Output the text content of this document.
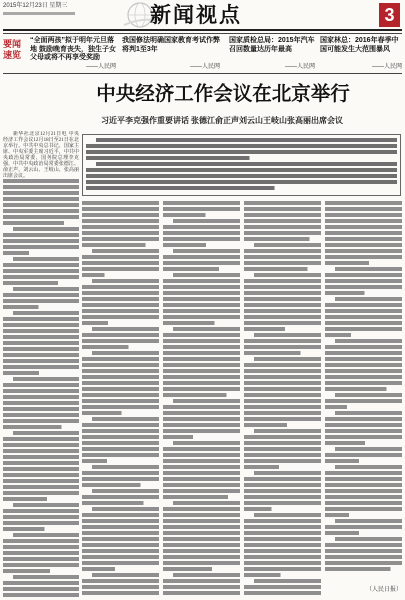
2015年12月23日 星期三	新闻视点	3
要闻
速览
“全面两孩”拟于明年元旦落地 鼓励晚育丧失，独生子女父母或将不再享受奖励
——人民网
我国修法明确国家教育考试作弊将判1至3年
——人民网
国家质检总局：2015年汽车召回数量达历年最高
——人民网
国家林总：2016年春季中国可能发生大范围暴风
——人民网
中央经济工作会议在北京举行
习近平李克强作重要讲话 张德江俞正声刘云山王岐山张高丽出席会议

新华社北京12月21日电 中央经济工作会议12月18日至21日在北京举行。中共中央总书记、国家主席、中央军委主席习近平，中共中央政治局常委、国务院总理李克强，中共中央政治局常委张德江、俞正声、刘云山、王岐山、张高丽出席会议。

（人民日报）
